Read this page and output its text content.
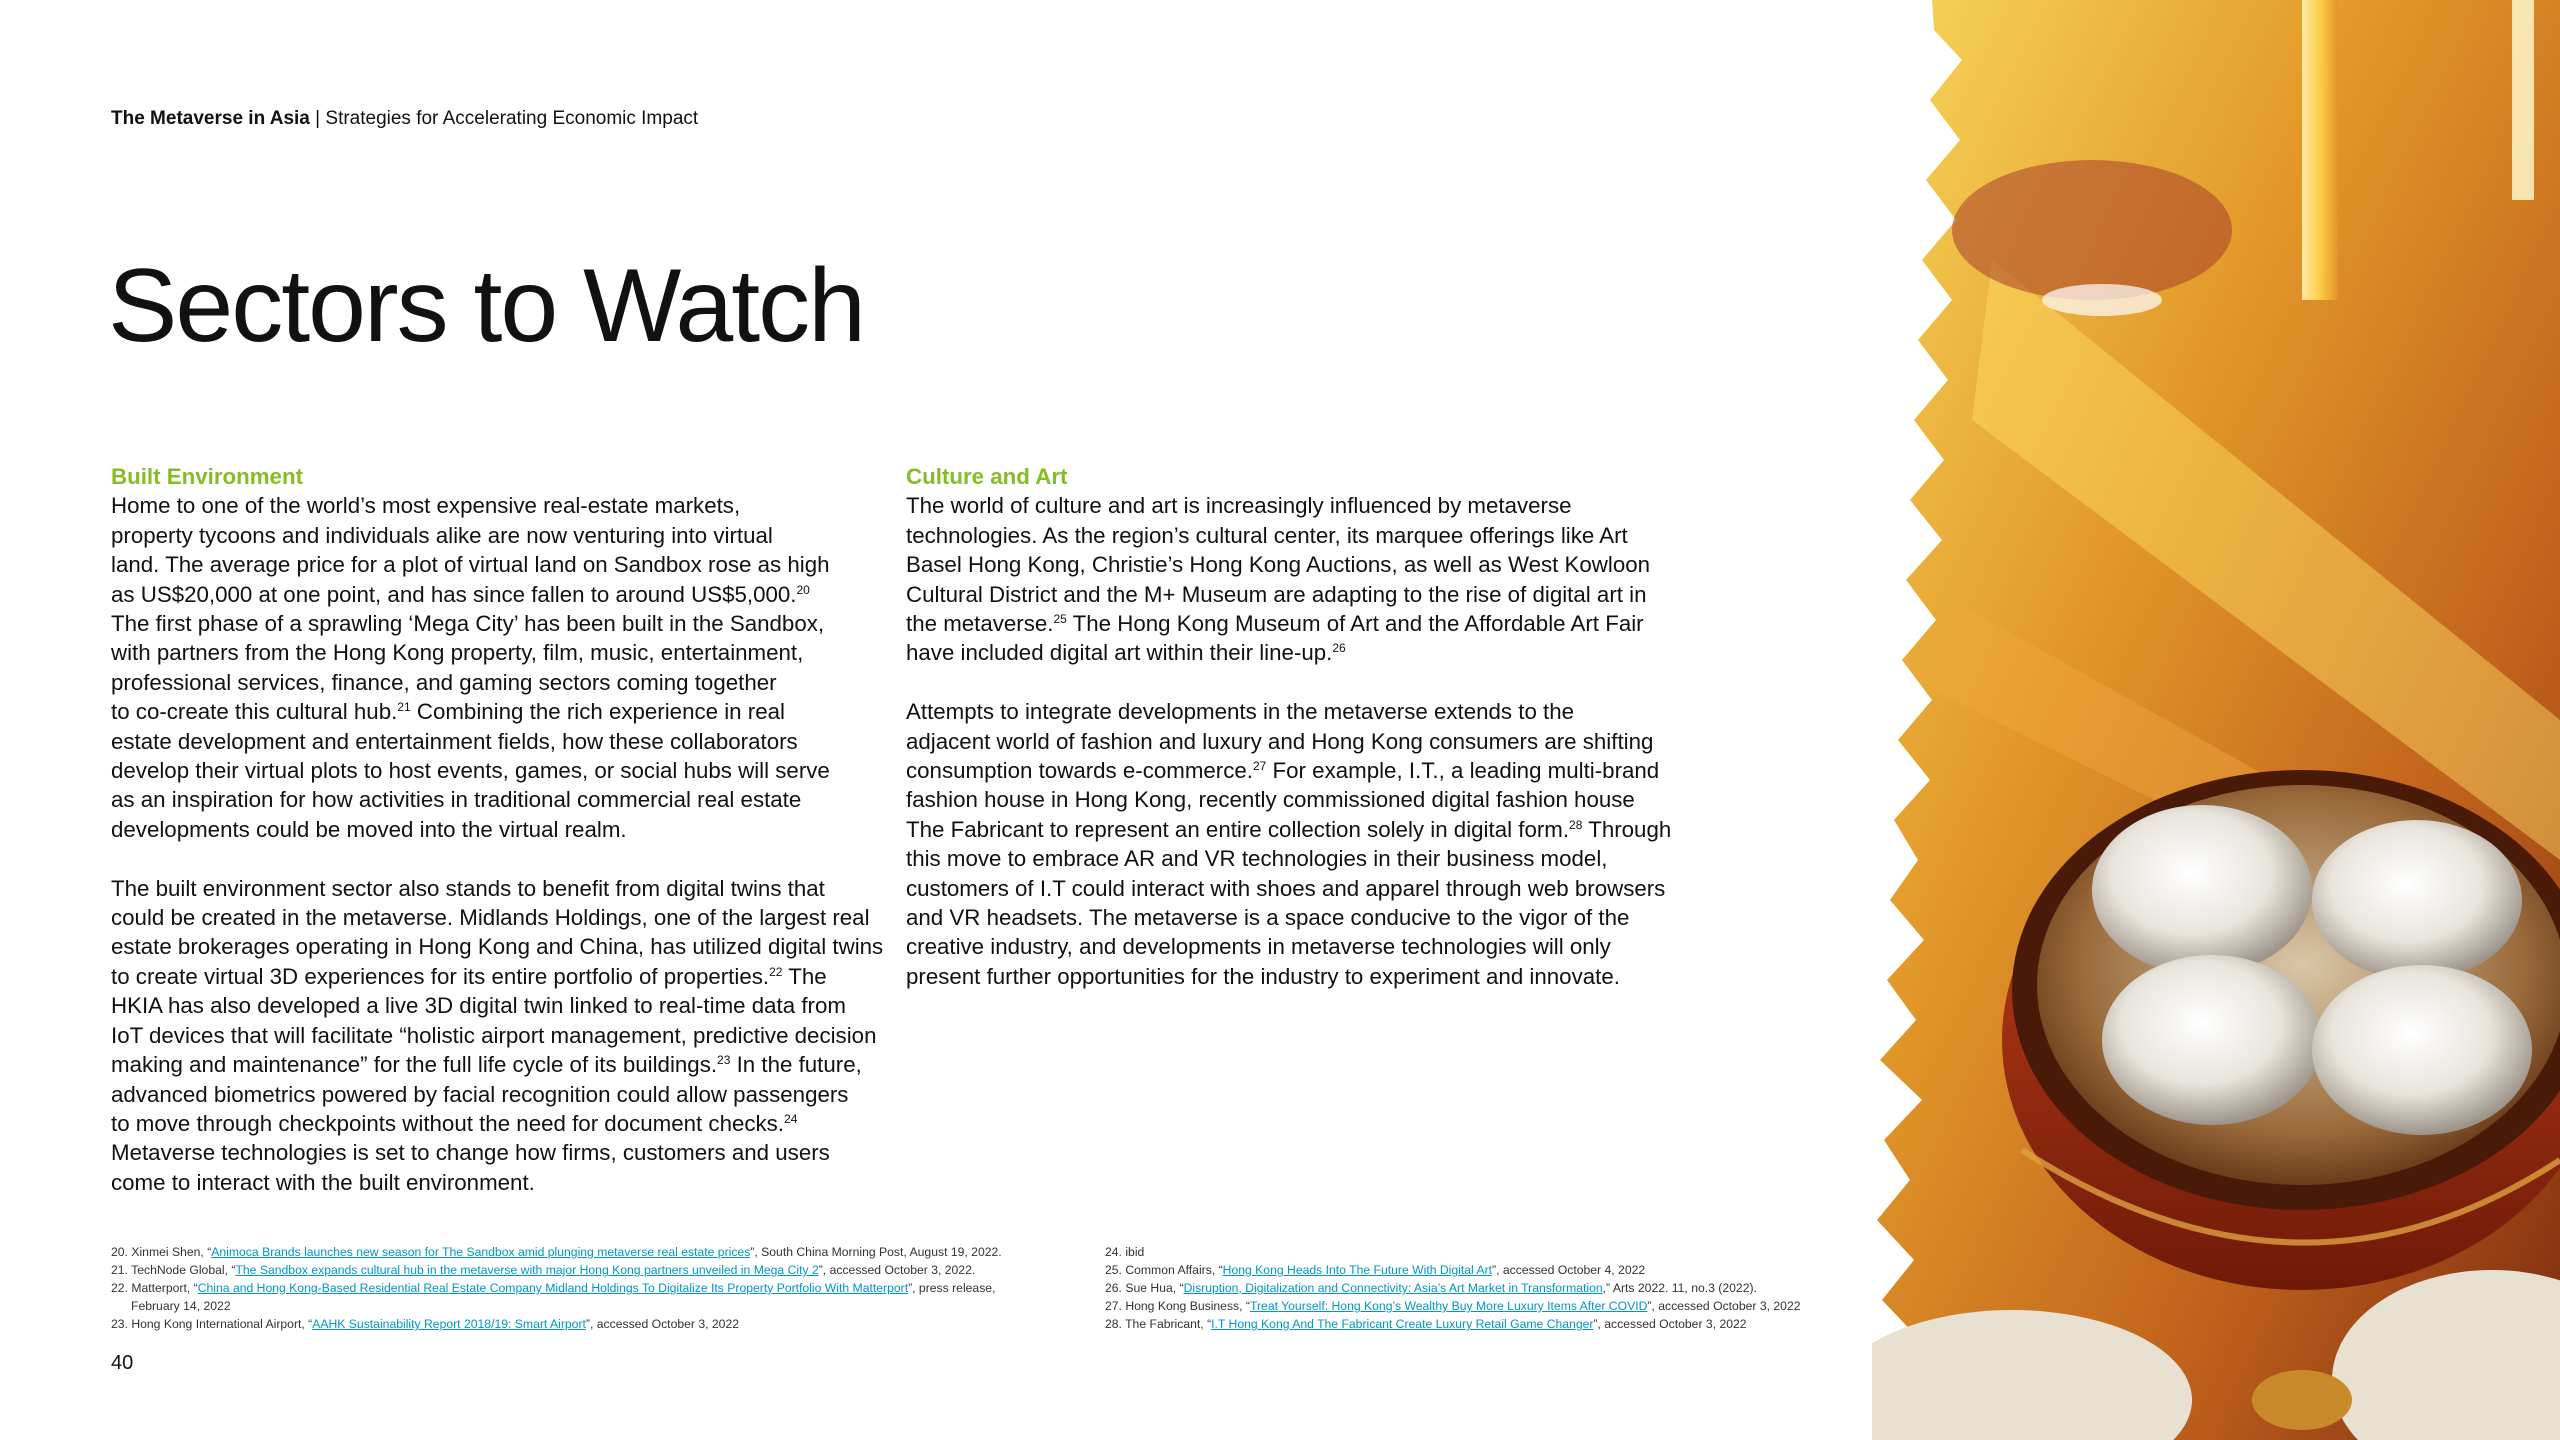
The Metaverse in Asia | Strategies for Accelerating Economic Impact
Sectors to Watch
Built Environment

Home to one of the world’s most expensive real-estate markets,
property tycoons and individuals alike are now venturing into virtual
land. The average price for a plot of virtual land on Sandbox rose as high
as US$20,000 at one point, and has since fallen to around US$5,000.20
The first phase of a sprawling ‘Mega City’ has been built in the Sandbox,
with partners from the Hong Kong property, film, music, entertainment,
professional services, finance, and gaming sectors coming together
to co-create this cultural hub.$^{21}$ Combining the rich experience in real
estate development and entertainment fields, how these collaborators
develop their virtual plots to host events, games, or social hubs will serve
as an inspiration for how activities in traditional commercial real estate
developments could be moved into the virtual realm.

The built environment sector also stands to benefit from digital twins that
could be created in the metaverse. Midlands Holdings, one of the largest real
estate brokerages operating in Hong Kong and China, has utilized digital twins
to create virtual 3D experiences for its entire portfolio of properties.$^{22}$ The
HKIA has also developed a live 3D digital twin linked to real-time data from
IoT devices that will facilitate “holistic airport management, predictive decision
making and maintenance” for the full life cycle of its buildings.$^{23}$ In the future,
advanced biometrics powered by facial recognition could allow passengers
to move through checkpoints without the need for document checks.$^{24}$
Metaverse technologies is set to change how firms, customers and users
come to interact with the built environment.

Culture and Art

The world of culture and art is increasingly influenced by metaverse
technologies. As the region’s cultural center, its marquee offerings like Art
Basel Hong Kong, Christie’s Hong Kong Auctions, as well as West Kowloon
Cultural District and the M+ Museum are adapting to the rise of digital art in
the metaverse.$^{25}$ The Hong Kong Museum of Art and the Affordable Art Fair
have included digital art within their line-up.$^{26}$

Attempts to integrate developments in the metaverse extends to the
adjacent world of fashion and luxury and Hong Kong consumers are shifting
consumption towards e-commerce.$^{27}$ For example, I.T., a leading multi-brand
fashion house in Hong Kong, recently commissioned digital fashion house
The Fabricant to represent an entire collection solely in digital form.$^{28}$ Through
this move to embrace AR and VR technologies in their business model,
customers of I.T could interact with shoes and apparel through web browsers
and VR headsets. The metaverse is a space conducive to the vigor of the
creative industry, and developments in metaverse technologies will only
present further opportunities for the industry to experiment and innovate.

20. Xinmei Shen, “Animoca Brands launches new season for The Sandbox amid plunging metaverse real estate prices”, South China Morning Post, August 19, 2022.
21. TechNode Global, “The Sandbox expands cultural hub in the metaverse with major Hong Kong partners unveiled in Mega City 2”, accessed October 3, 2022.
22. Matterport, “China and Hong Kong-Based Residential Real Estate Company Midland Holdings To Digitalize Its Property Portfolio With Matterport”, press release,
February 14, 2022
23. Hong Kong International Airport, “AAHK Sustainability Report 2018/19: Smart Airport”, accessed October 3, 2022
24. ibid
25. Common Affairs, “Hong Kong Heads Into The Future With Digital Art”, accessed October 4, 2022
26. Sue Hua, “Disruption, Digitalization and Connectivity: Asia’s Art Market in Transformation,” Arts 2022. 11, no.3 (2022).
27. Hong Kong Business, “Treat Yourself: Hong Kong’s Wealthy Buy More Luxury Items After COVID”, accessed October 3, 2022
28. The Fabricant, “I.T Hong Kong And The Fabricant Create Luxury Retail Game Changer”, accessed October 3, 2022
40
